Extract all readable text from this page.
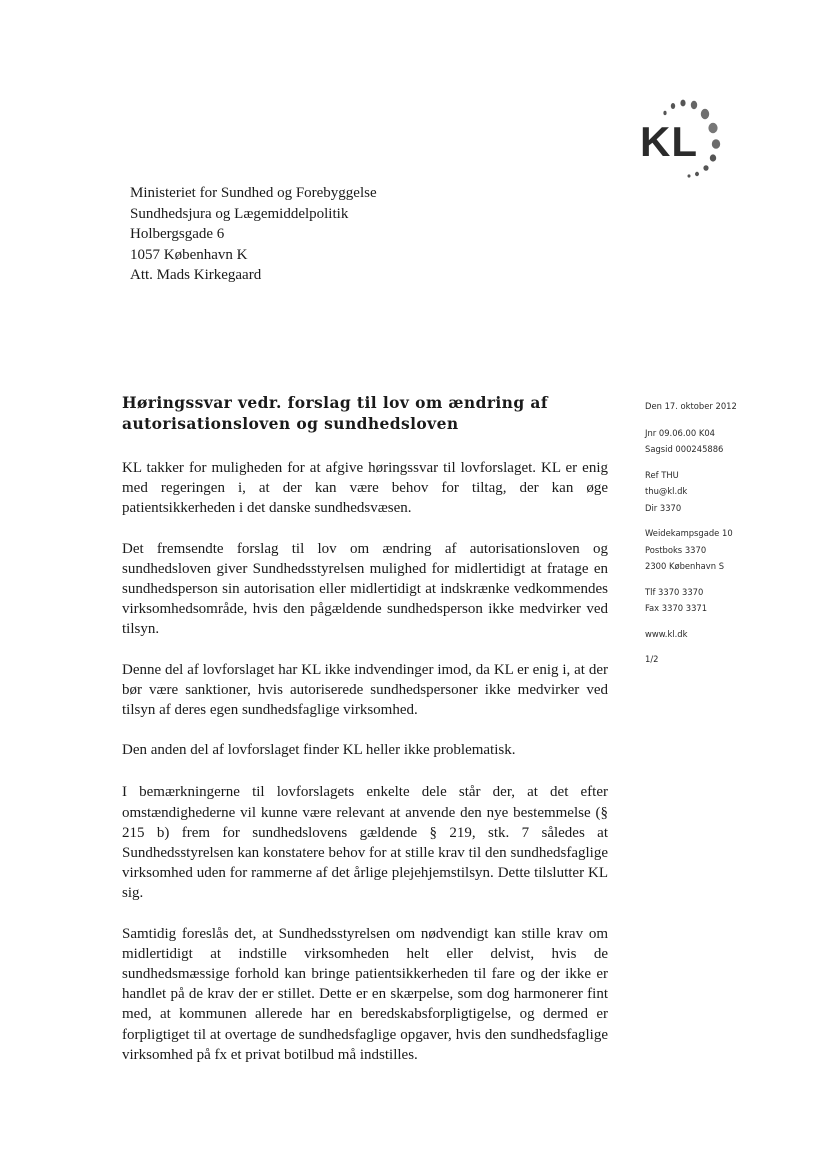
KL
Ministeriet for Sundhed og Forebyggelse
Sundhedsjura og Lægemiddelpolitik
Holbergsgade 6
1057 København K
Att. Mads Kirkegaard
Høringssvar vedr. forslag til lov om ændring af autorisationsloven og sundhedsloven

KL takker for muligheden for at afgive høringssvar til lovforslaget. KL er enig med regeringen i, at der kan være behov for tiltag, der kan øge patientsikkerheden i det danske sundhedsvæsen.

Det fremsendte forslag til lov om ændring af autorisationsloven og sundhedsloven giver Sundhedsstyrelsen mulighed for midlertidigt at fratage en sundhedsperson sin autorisation eller midlertidigt at indskrænke vedkommendes virksomhedsområde, hvis den pågældende sundhedsperson ikke medvirker ved tilsyn.

Denne del af lovforslaget har KL ikke indvendinger imod, da KL er enig i, at der bør være sanktioner, hvis autoriserede sundhedspersoner ikke medvirker ved tilsyn af deres egen sundhedsfaglige virksomhed.

Den anden del af lovforslaget finder KL heller ikke problematisk.

I bemærkningerne til lovforslagets enkelte dele står der, at det efter omstændighederne vil kunne være relevant at anvende den nye bestemmelse (§ 215 b) frem for sundhedslovens gældende § 219, stk. 7 således at Sundhedsstyrelsen kan konstatere behov for at stille krav til den sundhedsfaglige virksomhed uden for rammerne af det årlige plejehjemstilsyn. Dette tilslutter KL sig.

Samtidig foreslås det, at Sundhedsstyrelsen om nødvendigt kan stille krav om midlertidigt at indstille virksomheden helt eller delvist, hvis de sundhedsmæssige forhold kan bringe patientsikkerheden til fare og der ikke er handlet på de krav der er stillet. Dette er en skærpelse, som dog harmonerer fint med, at kommunen allerede har en beredskabsforpligtigelse, og dermed er forpligtiget til at overtage de sundhedsfaglige opgaver, hvis den sundhedsfaglige virksomhed på fx et privat botilbud må indstilles.

Den 17. oktober 2012
Jnr 09.06.00 K04
Sagsid 000245886
Ref THU
thu@kl.dk
Dir 3370
Weidekampsgade 10
Postboks 3370
2300 København S
Tlf 3370 3370
Fax 3370 3371
www.kl.dk
1/2
